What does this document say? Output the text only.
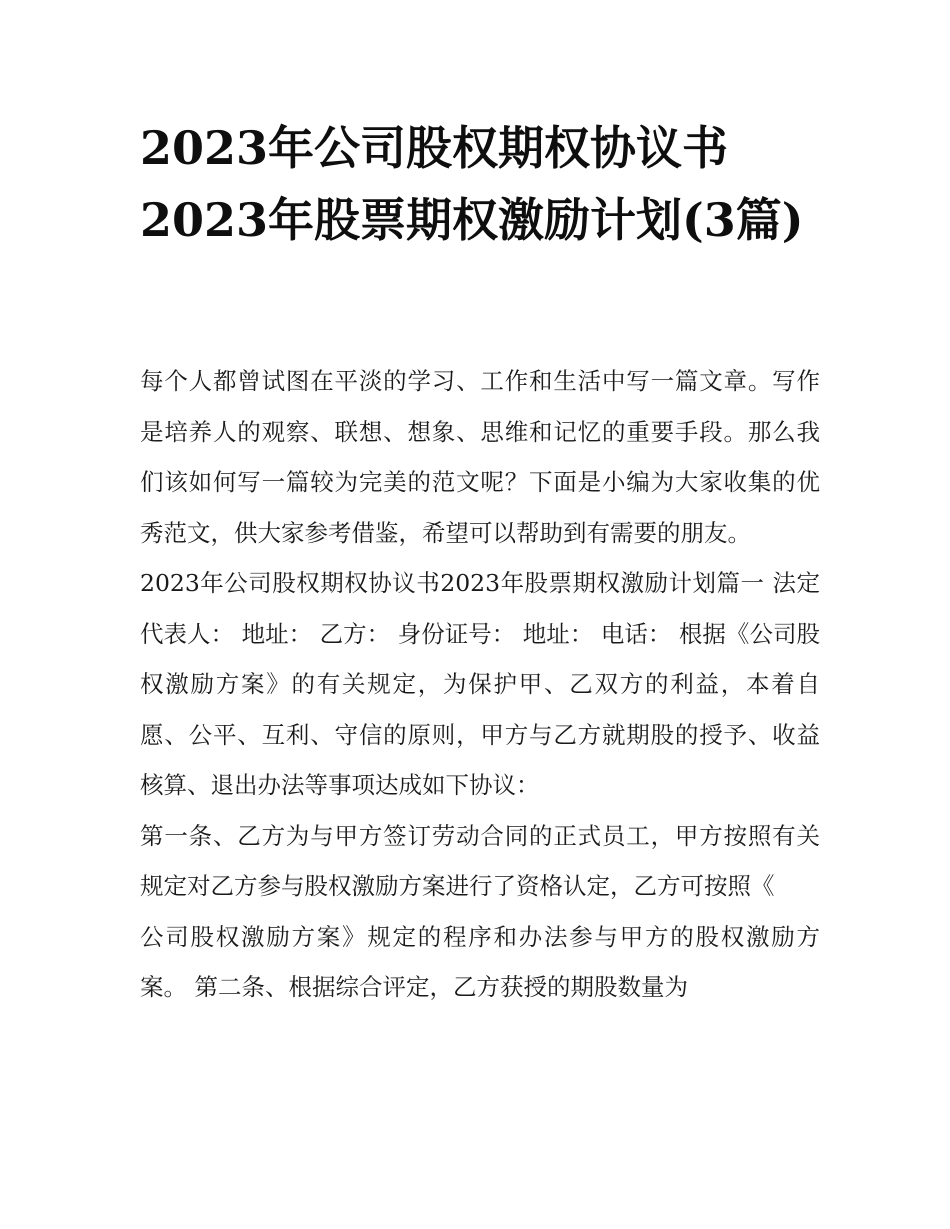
2023年公司股权期权协议书2023年股票期权激励计划(3篇)

每个人都曾试图在平淡的学习、工作和生活中写一篇文章。写作是培养人的观察、联想、想象、思维和记忆的重要手段。那么我们该如何写一篇较为完美的范文呢？下面是小编为大家收集的优秀范文，供大家参考借鉴，希望可以帮助到有需要的朋友。

2023年公司股权期权协议书2023年股票期权激励计划篇一 法定代表人： 地址： 乙方： 身份证号： 地址： 电话： 根据《公司股权激励方案》的有关规定，为保护甲、乙双方的利益，本着自愿、公平、互利、守信的原则，甲方与乙方就期股的授予、收益核算、退出办法等事项达成如下协议：

第一条、乙方为与甲方签订劳动合同的正式员工，甲方按照有关规定对乙方参与股权激励方案进行了资格认定，乙方可按照《

公司股权激励方案》规定的程序和办法参与甲方的股权激励方案。 第二条、根据综合评定，乙方获授的期股数量为
